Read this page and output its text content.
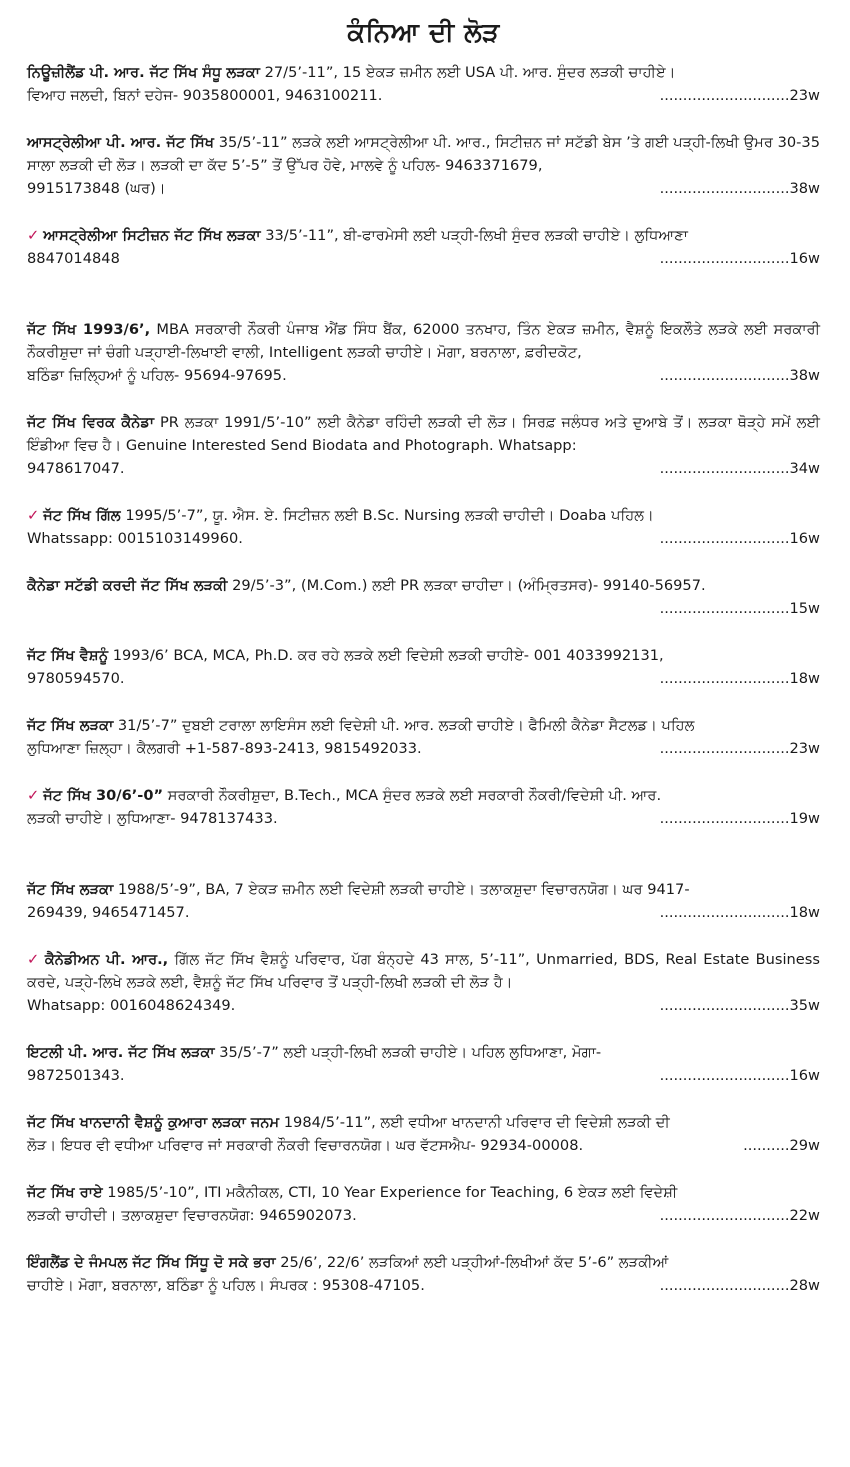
ਕੰਨਿਆ ਦੀ ਲੋੜ
ਨਿਊਜ਼ੀਲੈਂਡ ਪੀ. ਆਰ. ਜੱਟ ਸਿੱਖ ਸੰਧੂ ਲੜਕਾ 27/5’-11”, 15 ਏਕੜ ਜ਼ਮੀਨ ਲਈ USA ਪੀ. ਆਰ. ਸੁੰਦਰ ਲੜਕੀ ਚਾਹੀਏ।
ਵਿਆਹ ਜਲਦੀ, ਬਿਨਾਂ ਦਹੇਜ- 9035800001, 9463100211.	............................23w
ਆਸਟ੍ਰੇਲੀਆ ਪੀ. ਆਰ. ਜੱਟ ਸਿੱਖ 35/5’-11” ਲੜਕੇ ਲਈ ਆਸਟ੍ਰੇਲੀਆ ਪੀ. ਆਰ., ਸਿਟੀਜ਼ਨ ਜਾਂ ਸਟੱਡੀ ਬੇਸ ’ਤੇ ਗਈ ਪੜ੍ਹੀ-ਲਿਖੀ ਉਮਰ 30-35 ਸਾਲਾ ਲੜਕੀ ਦੀ ਲੋੜ। ਲੜਕੀ ਦਾ ਕੱਦ 5’-5” ਤੋਂ ਉੱਪਰ ਹੋਵੇ, ਮਾਲਵੇ ਨੂੰ ਪਹਿਲ- 9463371679,
9915173848 (ਘਰ)।	............................38w
✓ ਆਸਟ੍ਰੇਲੀਆ ਸਿਟੀਜ਼ਨ ਜੱਟ ਸਿੱਖ ਲੜਕਾ 33/5’-11”, ਬੀ-ਫਾਰਮੇਸੀ ਲਈ ਪੜ੍ਹੀ-ਲਿਖੀ ਸੁੰਦਰ ਲੜਕੀ ਚਾਹੀਏ। ਲੁਧਿਆਣਾ
8847014848	............................16w
ਜੱਟ ਸਿੱਖ 1993/6’, MBA ਸਰਕਾਰੀ ਨੌਕਰੀ ਪੰਜਾਬ ਐਂਡ ਸਿੰਧ ਬੈਂਕ, 62000 ਤਨਖਾਹ, ਤਿੰਨ ਏਕੜ ਜ਼ਮੀਨ, ਵੈਸ਼ਨੂੰ ਇਕਲੌਤੇ ਲੜਕੇ ਲਈ ਸਰਕਾਰੀ ਨੌਕਰੀਸ਼ੁਦਾ ਜਾਂ ਚੰਗੀ ਪੜ੍ਹਾਈ-ਲਿਖਾਈ ਵਾਲੀ, Intelligent ਲੜਕੀ ਚਾਹੀਏ। ਮੋਗਾ, ਬਰਨਾਲਾ, ਫ਼ਰੀਦਕੋਟ,
ਬਠਿੰਡਾ ਜ਼ਿਲ੍ਹਿਆਂ ਨੂੰ ਪਹਿਲ- 95694-97695.	............................38w
ਜੱਟ ਸਿੱਖ ਵਿਰਕ ਕੈਨੇਡਾ PR ਲੜਕਾ 1991/5’-10” ਲਈ ਕੈਨੇਡਾ ਰਹਿੰਦੀ ਲੜਕੀ ਦੀ ਲੋੜ। ਸਿਰਫ਼ ਜਲੰਧਰ ਅਤੇ ਦੁਆਬੇ ਤੋਂ। ਲੜਕਾ ਥੋੜ੍ਹੇ ਸਮੇਂ ਲਈ ਇੰਡੀਆ ਵਿਚ ਹੈ। Genuine Interested Send Biodata and Photograph. Whatsapp:
9478617047.	............................34w
✓ ਜੱਟ ਸਿੱਖ ਗਿੱਲ 1995/5’-7”, ਯੂ. ਐਸ. ਏ. ਸਿਟੀਜ਼ਨ ਲਈ B.Sc. Nursing ਲੜਕੀ ਚਾਹੀਦੀ। Doaba ਪਹਿਲ।
Whatssapp: 0015103149960.	............................16w
ਕੈਨੇਡਾ ਸਟੱਡੀ ਕਰਦੀ ਜੱਟ ਸਿੱਖ ਲੜਕੀ 29/5’-3”, (M.Com.) ਲਈ PR ਲੜਕਾ ਚਾਹੀਦਾ। (ਅੰਮ੍ਰਿਤਸਰ)- 99140-56957.
............................15w
ਜੱਟ ਸਿੱਖ ਵੈਸ਼ਨੂੰ 1993/6’ BCA, MCA, Ph.D. ਕਰ ਰਹੇ ਲੜਕੇ ਲਈ ਵਿਦੇਸ਼ੀ ਲੜਕੀ ਚਾਹੀਏ- 001 4033992131,
9780594570.	............................18w
ਜੱਟ ਸਿੱਖ ਲੜਕਾ 31/5’-7” ਦੁਬਈ ਟਰਾਲਾ ਲਾਇਸੰਸ ਲਈ ਵਿਦੇਸ਼ੀ ਪੀ. ਆਰ. ਲੜਕੀ ਚਾਹੀਏ। ਫੈਮਿਲੀ ਕੈਨੇਡਾ ਸੈਟਲਡ। ਪਹਿਲ
ਲੁਧਿਆਣਾ ਜ਼ਿਲ੍ਹਾ। ਕੈਲਗਰੀ +1-587-893-2413, 9815492033.	............................23w
✓ ਜੱਟ ਸਿੱਖ 30/6’-0” ਸਰਕਾਰੀ ਨੌਕਰੀਸ਼ੁਦਾ, B.Tech., MCA ਸੁੰਦਰ ਲੜਕੇ ਲਈ ਸਰਕਾਰੀ ਨੌਕਰੀ/ਵਿਦੇਸ਼ੀ ਪੀ. ਆਰ.
ਲੜਕੀ ਚਾਹੀਏ। ਲੁਧਿਆਣਾ- 9478137433.	............................19w
ਜੱਟ ਸਿੱਖ ਲੜਕਾ 1988/5’-9”, BA, 7 ਏਕੜ ਜ਼ਮੀਨ ਲਈ ਵਿਦੇਸ਼ੀ ਲੜਕੀ ਚਾਹੀਏ। ਤਲਾਕਸ਼ੁਦਾ ਵਿਚਾਰਨਯੋਗ। ਘਰ 9417-
269439, 9465471457.	............................18w
✓ ਕੈਨੇਡੀਅਨ ਪੀ. ਆਰ., ਗਿੱਲ ਜੱਟ ਸਿੱਖ ਵੈਸ਼ਨੂੰ ਪਰਿਵਾਰ, ਪੱਗ ਬੰਨ੍ਹਦੇ 43 ਸਾਲ, 5’-11”, Unmarried, BDS, Real Estate Business ਕਰਦੇ, ਪੜ੍ਹੇ-ਲਿਖੇ ਲੜਕੇ ਲਈ, ਵੈਸ਼ਨੂੰ ਜੱਟ ਸਿੱਖ ਪਰਿਵਾਰ ਤੋਂ ਪੜ੍ਹੀ-ਲਿਖੀ ਲੜਕੀ ਦੀ ਲੋੜ ਹੈ।
Whatsapp: 0016048624349.	............................35w
ਇਟਲੀ ਪੀ. ਆਰ. ਜੱਟ ਸਿੱਖ ਲੜਕਾ 35/5’-7” ਲਈ ਪੜ੍ਹੀ-ਲਿਖੀ ਲੜਕੀ ਚਾਹੀਏ। ਪਹਿਲ ਲੁਧਿਆਣਾ, ਮੋਗਾ-
9872501343.	............................16w
ਜੱਟ ਸਿੱਖ ਖਾਨਦਾਨੀ ਵੈਸ਼ਨੂੰ ਕੁਆਰਾ ਲੜਕਾ ਜਨਮ 1984/5’-11”, ਲਈ ਵਧੀਆ ਖਾਨਦਾਨੀ ਪਰਿਵਾਰ ਦੀ ਵਿਦੇਸ਼ੀ ਲੜਕੀ ਦੀ
ਲੋੜ। ਇਧਰ ਵੀ ਵਧੀਆ ਪਰਿਵਾਰ ਜਾਂ ਸਰਕਾਰੀ ਨੌਕਰੀ ਵਿਚਾਰਨਯੋਗ। ਘਰ ਵੱਟਸਐਪ- 92934-00008.	..........29w
ਜੱਟ ਸਿੱਖ ਰਾਏ 1985/5’-10”, ITI ਮਕੈਨੀਕਲ, CTI, 10 Year Experience for Teaching, 6 ਏਕੜ ਲਈ ਵਿਦੇਸ਼ੀ
ਲੜਕੀ ਚਾਹੀਦੀ। ਤਲਾਕਸ਼ੁਦਾ ਵਿਚਾਰਨਯੋਗ: 9465902073.	............................22w
ਇੰਗਲੈਂਡ ਦੇ ਜੰਮਪਲ ਜੱਟ ਸਿੱਖ ਸਿੱਧੂ ਦੋ ਸਕੇ ਭਰਾ 25/6’, 22/6’ ਲੜਕਿਆਂ ਲਈ ਪੜ੍ਹੀਆਂ-ਲਿਖੀਆਂ ਕੱਦ 5’-6” ਲੜਕੀਆਂ
ਚਾਹੀਏ। ਮੋਗਾ, ਬਰਨਾਲਾ, ਬਠਿੰਡਾ ਨੂੰ ਪਹਿਲ। ਸੰਪਰਕ : 95308-47105.	............................28w
